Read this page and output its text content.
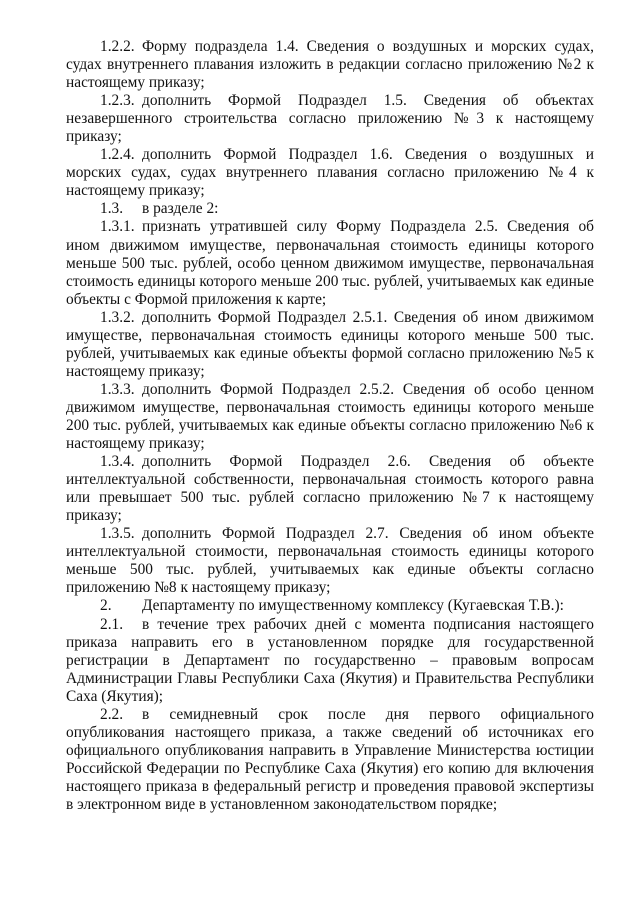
1.2.2. Форму подраздела 1.4. Сведения о воздушных и морских судах, судах внутреннего плавания изложить в редакции согласно приложению №2 к настоящему приказу;

1.2.3. дополнить Формой Подраздел 1.5. Сведения об объектах незавершенного строительства согласно приложению №3 к настоящему приказу;

1.2.4. дополнить Формой Подраздел 1.6. Сведения о воздушных и морских судах, судах внутреннего плавания согласно приложению №4 к настоящему приказу;

1.3. в разделе 2:

1.3.1. признать утратившей силу Форму Подраздела 2.5. Сведения об ином движимом имуществе, первоначальная стоимость единицы которого меньше 500 тыс. рублей, особо ценном движимом имуществе, первоначальная стоимость единицы которого меньше 200 тыс. рублей, учитываемых как единые объекты с Формой приложения к карте;

1.3.2. дополнить Формой Подраздел 2.5.1. Сведения об ином движимом имуществе, первоначальная стоимость единицы которого меньше 500 тыс. рублей, учитываемых как единые объекты формой согласно приложению №5 к настоящему приказу;

1.3.3. дополнить Формой Подраздел 2.5.2. Сведения об особо ценном движимом имуществе, первоначальная стоимость единицы которого меньше 200 тыс. рублей, учитываемых как единые объекты согласно приложению №6 к настоящему приказу;

1.3.4. дополнить Формой Подраздел 2.6. Сведения об объекте интеллектуальной собственности, первоначальная стоимость которого равна или превышает 500 тыс. рублей согласно приложению №7 к настоящему приказу;

1.3.5. дополнить Формой Подраздел 2.7. Сведения об ином объекте интеллектуальной стоимости, первоначальная стоимость единицы которого меньше 500 тыс. рублей, учитываемых как единые объекты согласно приложению №8 к настоящему приказу;

2. Департаменту по имущественному комплексу (Кугаевская Т.В.):

2.1. в течение трех рабочих дней с момента подписания настоящего приказа направить его в установленном порядке для государственной регистрации в Департамент по государственно – правовым вопросам Администрации Главы Республики Саха (Якутия) и Правительства Республики Саха (Якутия);

2.2. в семидневный срок после дня первого официального опубликования настоящего приказа, а также сведений об источниках его официального опубликования направить в Управление Министерства юстиции Российской Федерации по Республике Саха (Якутия) его копию для включения настоящего приказа в федеральный регистр и проведения правовой экспертизы в электронном виде в установленном законодательством порядке;
